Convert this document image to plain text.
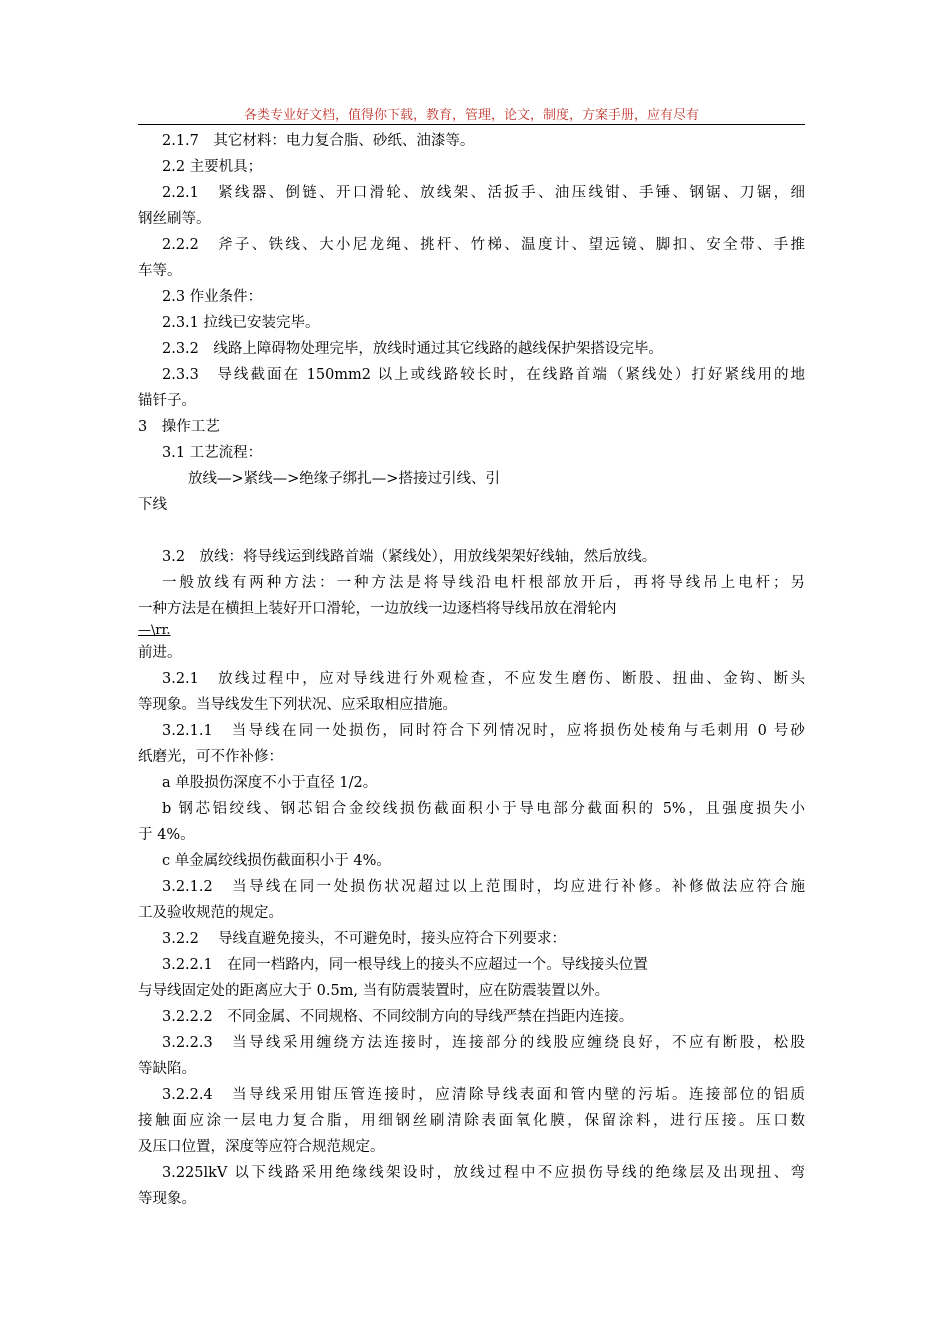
各类专业好文档，值得你下载，教育，管理，论文，制度，方案手册，应有尽有
2.1.7　其它材料：电力复合脂、砂纸、油漆等。
2.2 主要机具；
2.2.1　紧线器、倒链、开口滑轮、放线架、活扳手、油压线钳、手锤、钢锯、刀锯，细
钢丝刷等。
2.2.2　斧子、铁线、大小尼龙绳、挑杆、竹梯、温度计、望远镜、脚扣、安全带、手推
车等。
2.3 作业条件：
2.3.1 拉线已安装完毕。
2.3.2　线路上障碍物处理完毕，放线时通过其它线路的越线保护架搭设完毕。
2.3.3　导线截面在 150mm2 以上或线路较长时，在线路首端（紧线处）打好紧线用的地
锚钎子。
3　操作工艺
3.1 工艺流程：
放线—>紧线—>绝缘子绑扎—>搭接过引线、引
下线
3.2　放线：将导线运到线路首端（紧线处），用放线架架好线轴，然后放线。
一般放线有两种方法：一种方法是将导线沿电杆根部放开后，再将导线吊上电杆；另
一种方法是在横担上装好开口滑轮，一边放线一边逐档将导线吊放在滑轮内
—\rr.
前进。
3.2.1　放线过程中，应对导线进行外观检查，不应发生磨伤、断股、扭曲、金钩、断头
等现象。当导线发生下列状况、应采取相应措施。
3.2.1.1　当导线在同一处损伤，同时符合下列情况时，应将损伤处棱角与毛刺用 0 号砂
纸磨光，可不作补修：
a 单股损伤深度不小于直径 1/2。
b 钢芯铝绞线、钢芯铝合金绞线损伤截面积小于导电部分截面积的 5%，且强度损失小
于 4%。
c 单金属绞线损伤截面积小于 4%。
3.2.1.2　当导线在同一处损伤状况超过以上范围时，均应进行补修。补修做法应符合施
工及验收规范的规定。
3.2.2　 导线直避免接头，不可避免时，接头应符合下列要求：
3.2.2.1　在同一档路内，同一根导线上的接头不应超过一个。导线接头位置
与导线固定处的距离应大于 0.5m, 当有防震装置时，应在防震装置以外。
3.2.2.2　不同金属、不同规格、不同绞制方向的导线严禁在挡距内连接。
3.2.2.3　当导线采用缠绕方法连接时，连接部分的线股应缠绕良好，不应有断股，松股
等缺陷。
3.2.2.4　当导线采用钳压管连接时，应清除导线表面和管内壁的污垢。连接部位的铝质
接触面应涂一层电力复合脂，用细钢丝刷清除表面氧化膜，保留涂料，进行压接。压口数
及压口位置，深度等应符合规范规定。
3.225lkV 以下线路采用绝缘线架设时，放线过程中不应损伤导线的绝缘层及出现扭、弯
等现象。
